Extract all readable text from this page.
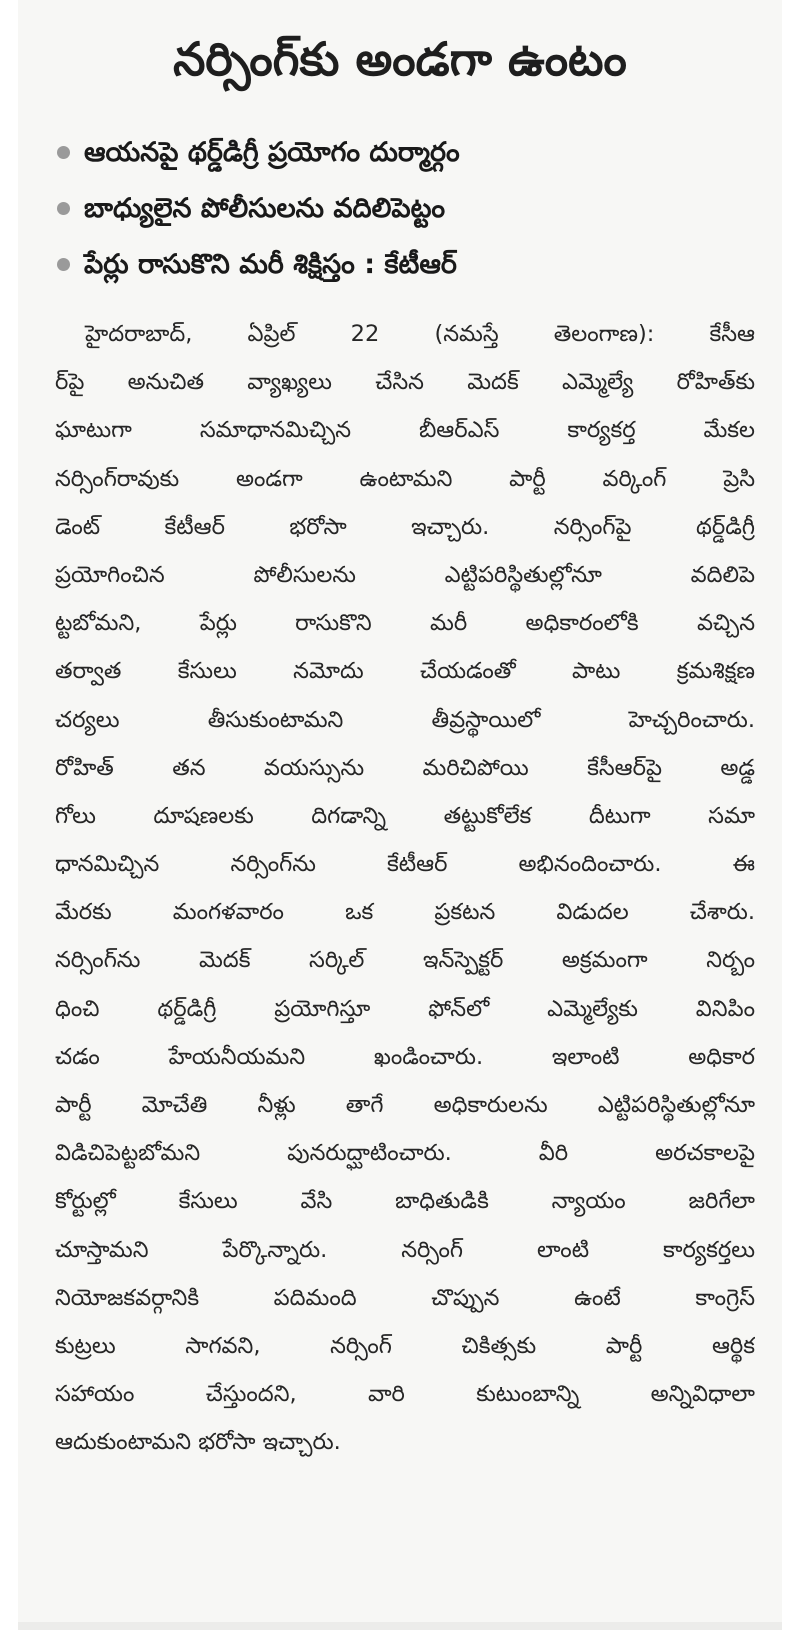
నర్సింగ్‌కు అండగా ఉంటం
ఆయనపై థర్డ్‌డిగ్రీ ప్రయోగం దుర్మార్గం
బాధ్యులైన పోలీసులను వదిలిపెట్టం
పేర్లు రాసుకొని మరీ శిక్షిస్తం : కేటీఆర్
హైదరాబాద్, ఏప్రిల్ 22 (నమస్తే తెలంగాణ): కేసీఆ
ర్‌పై అనుచిత వ్యాఖ్యలు చేసిన మెదక్ ఎమ్మెల్యే రోహిత్‌కు
ఘాటుగా సమాధానమిచ్చిన బీఆర్‌ఎస్ కార్యకర్త మేకల
నర్సింగ్‌రావుకు అండగా ఉంటామని పార్టీ వర్కింగ్ ప్రెసి
డెంట్ కేటీఆర్ భరోసా ఇచ్చారు. నర్సింగ్‌పై థర్డ్‌డిగ్రీ
ప్రయోగించిన పోలీసులను ఎట్టిపరిస్థితుల్లోనూ వదిలిపె
ట్టబోమని, పేర్లు రాసుకొని మరీ అధికారంలోకి వచ్చిన
తర్వాత కేసులు నమోదు చేయడంతో పాటు క్రమశిక్షణ
చర్యలు తీసుకుంటామని తీవ్రస్థాయిలో హెచ్చరించారు.
రోహిత్ తన వయస్సును మరిచిపోయి కేసీఆర్‌పై అడ్డ
గోలు దూషణలకు దిగడాన్ని తట్టుకోలేక దీటుగా సమా
ధానమిచ్చిన నర్సింగ్‌ను కేటీఆర్ అభినందించారు. ఈ
మేరకు మంగళవారం ఒక ప్రకటన విడుదల చేశారు.
నర్సింగ్‌ను మెదక్ సర్కిల్ ఇన్‌స్పెక్టర్ అక్రమంగా నిర్బం
ధించి థర్డ్‌డిగ్రీ ప్రయోగిస్తూ ఫోన్‌లో ఎమ్మెల్యేకు వినిపిం
చడం హేయనీయమని ఖండించారు. ఇలాంటి అధికార
పార్టీ మోచేతి నీళ్లు తాగే అధికారులను ఎట్టిపరిస్థితుల్లోనూ
విడిచిపెట్టబోమని పునరుద్ఘాటించారు. వీరి అరచకాలపై
కోర్టుల్లో కేసులు వేసి బాధితుడికి న్యాయం జరిగేలా
చూస్తామని పేర్కొన్నారు. నర్సింగ్ లాంటి కార్యకర్తలు
నియోజకవర్గానికి పదిమంది చొప్పున ఉంటే కాంగ్రెస్
కుట్రలు సాగవని, నర్సింగ్ చికిత్సకు పార్టీ ఆర్థిక
సహాయం చేస్తుందని, వారి కుటుంబాన్ని అన్నివిధాలా
ఆదుకుంటామని భరోసా ఇచ్చారు.
